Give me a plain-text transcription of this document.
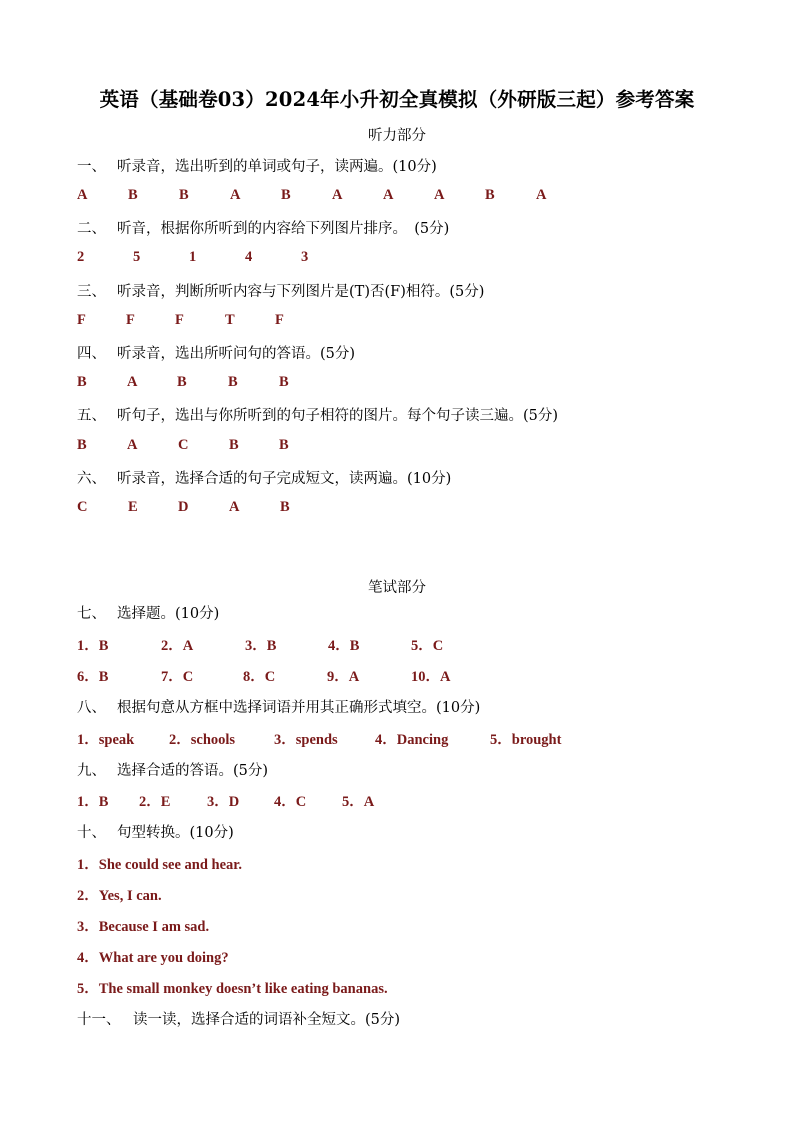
英语（基础卷03）2024年小升初全真模拟（外研版三起）参考答案
听力部分
一、 听录音，选出听到的单词或句子，读两遍。(10分)
A	B	B	A	B	A	A	A	B	A
二、 听音，根据你所听到的内容给下列图片排序。　(5分)
2	5	1	4	3
三、 听录音，判断所听内容与下列图片是(T)否(F)相符。(5分)
F	F	F	T	F
四、 听录音，选出所听问句的答语。(5分)
B	A	B	B	B
五、 听句子，选出与你所听到的句子相符的图片。每个句子读三遍。(5分)
B	A	C	B	B
六、 听录音，选择合适的句子完成短文，读两遍。(10分)
C	E	D	A	B
笔试部分
七、 选择题。(10分)
1．B	2．A	3．B	4．B	5．C
6．B	7．C	8．C	9．A	10．A
八、 根据句意从方框中选择词语并用其正确形式填空。(10分)
1．speak 2．schools	3．spends	4．Dancing	5．brought
九、 选择合适的答语。(5分)
1．B 2．E	3．D 4．C 5．A
十、 句型转换。(10分)
1．She could see and hear.
2．Yes, I can.
3．Because I am sad.
4．What are you doing?
5．The small monkey doesn’t like eating bananas.
十一、 读一读，选择合适的词语补全短文。(5分)
